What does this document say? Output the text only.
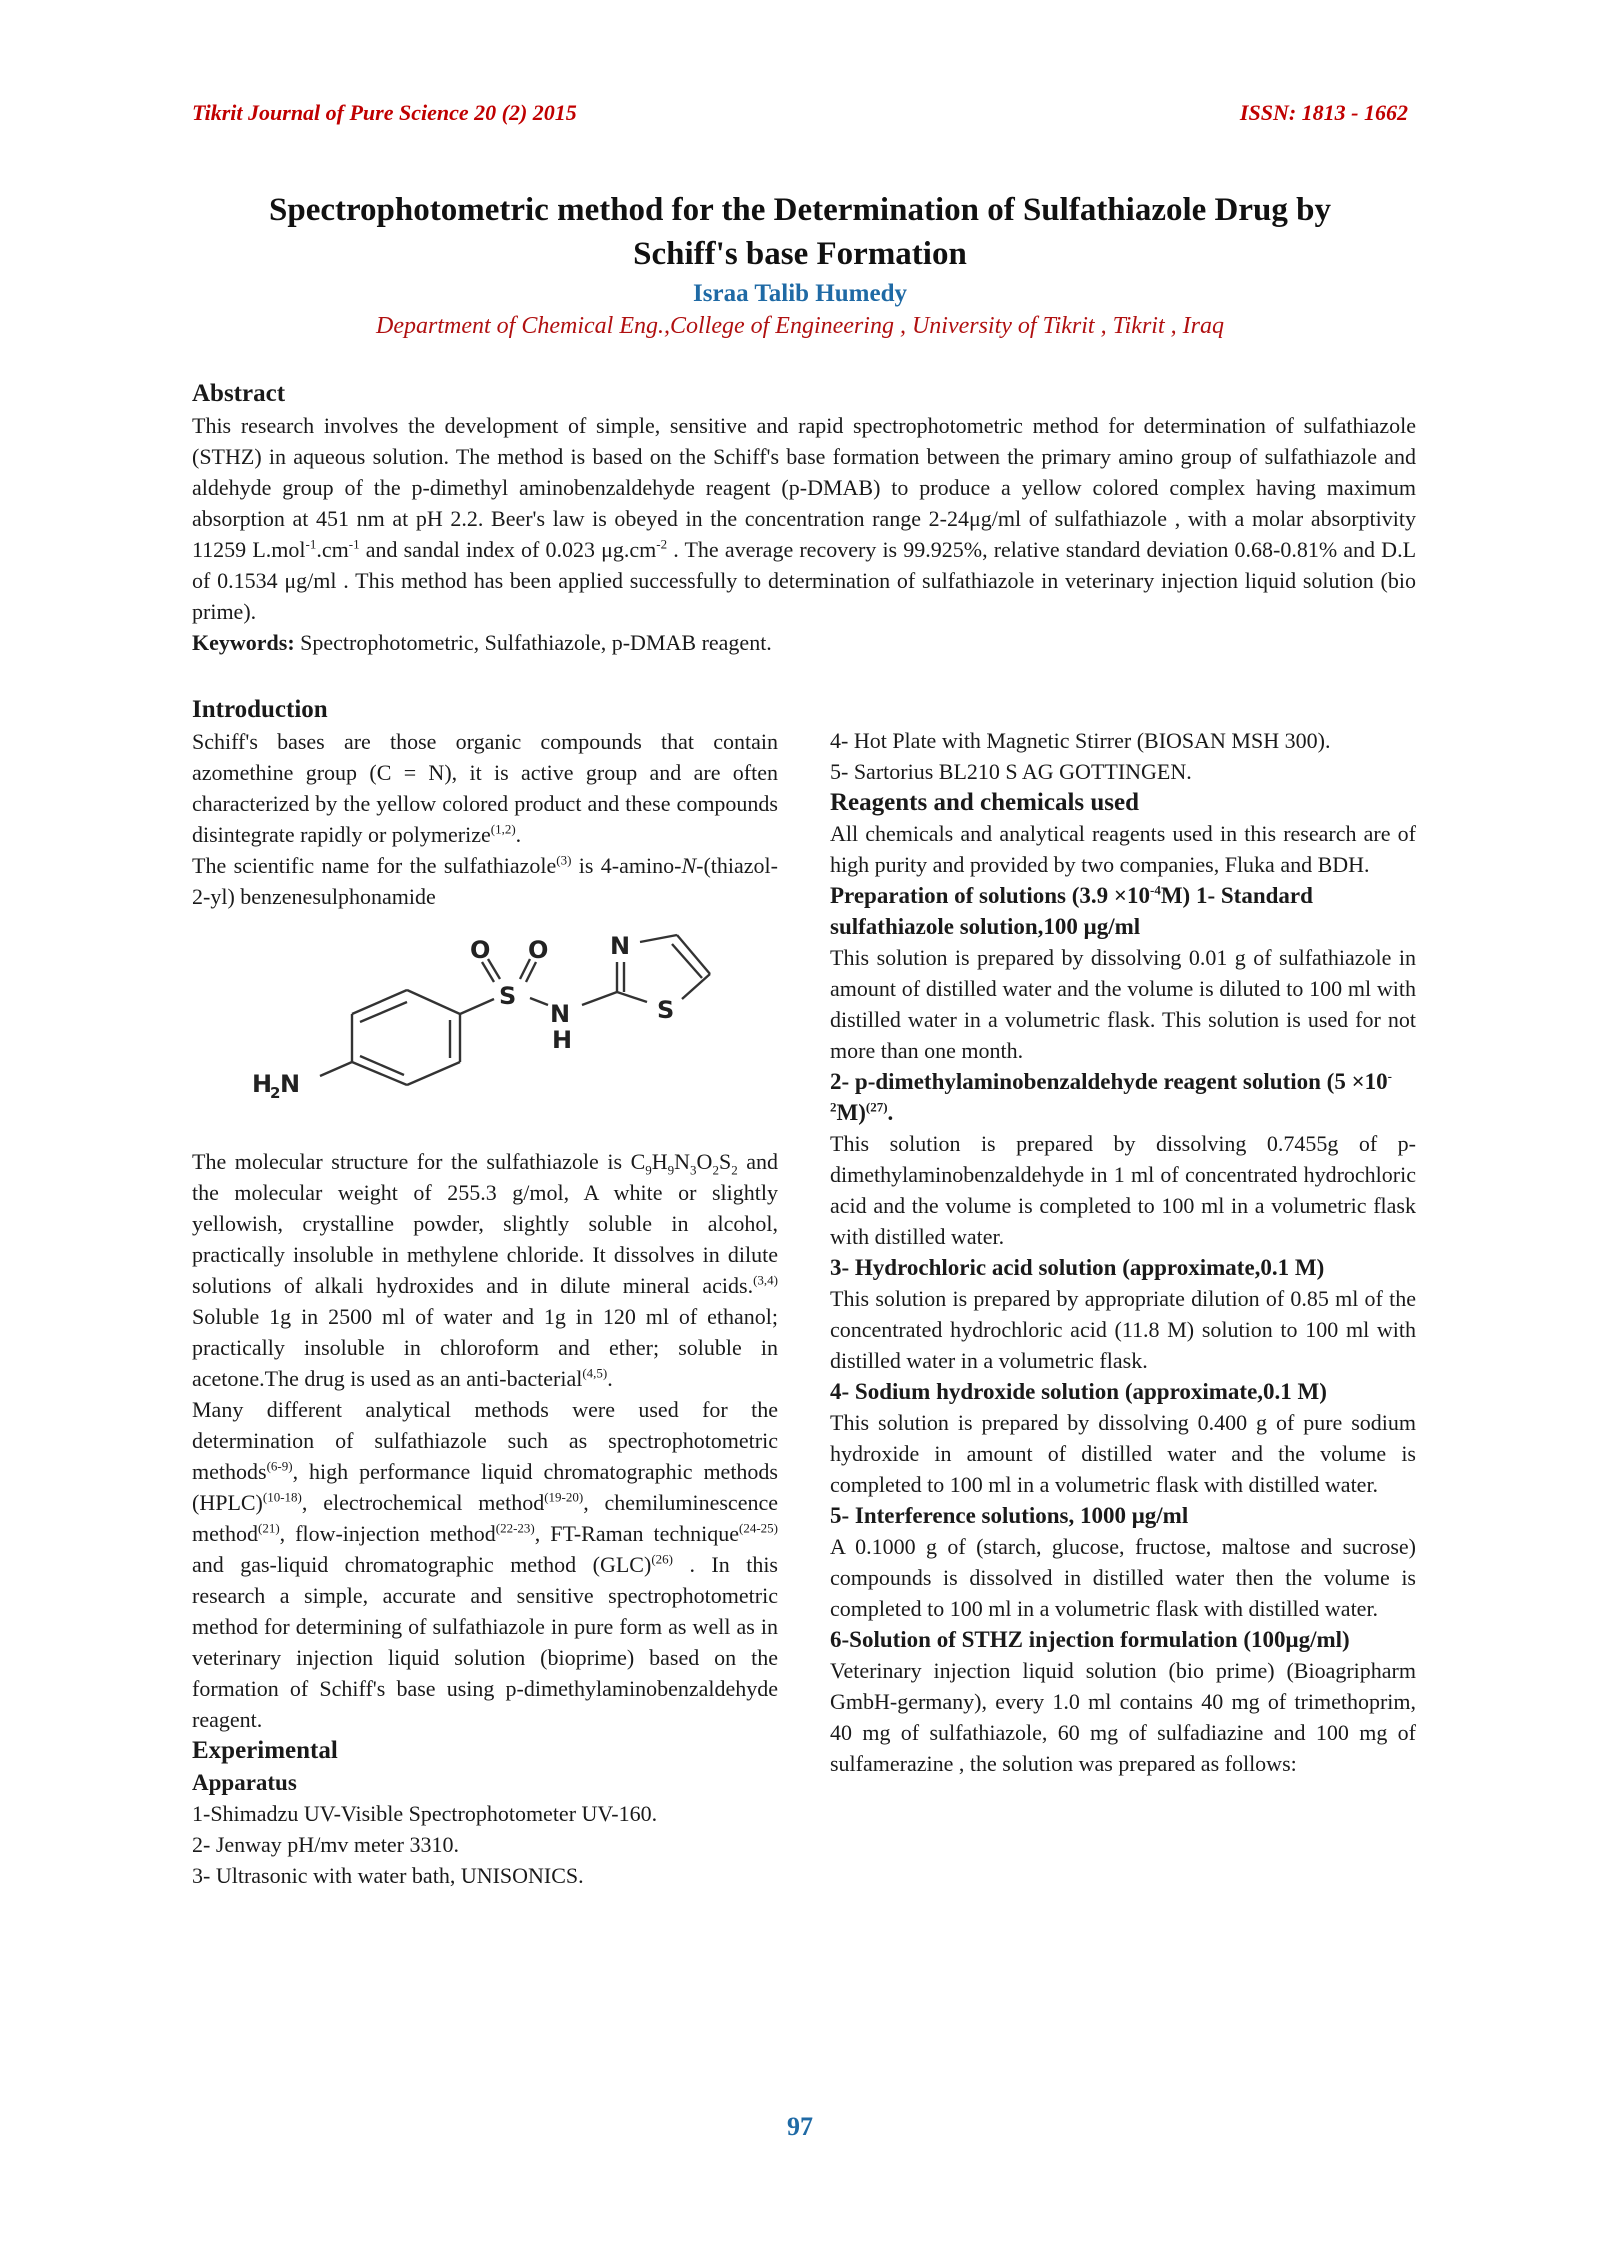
Tikrit Journal of Pure Science 20 (2) 2015	ISSN: 1813 - 1662
Spectrophotometric method for the Determination of Sulfathiazole Drug by
Schiff's base Formation
Israa Talib Humedy
Department of Chemical Eng.,College of Engineering , University of Tikrit , Tikrit , Iraq
Abstract

This research involves the development of simple, sensitive and rapid spectrophotometric method for determination of sulfathiazole (STHZ) in aqueous solution. The method is based on the Schiff's base formation between the primary amino group of sulfathiazole and aldehyde group of the p-dimethyl aminobenzaldehyde reagent (p-DMAB) to produce a yellow colored complex having maximum absorption at 451 nm at pH 2.2. Beer's law is obeyed in the concentration range 2-24μg/ml of sulfathiazole , with a molar absorptivity 11259 $L.mol^{-1}.cm^{-1}$ and sandal index of 0.023 $\mu g.cm^{-2}$ . The average recovery is 99.925%, relative standard deviation 0.68-0.81% and D.L of 0.1534 μg/ml . This method has been applied successfully to determination of sulfathiazole in veterinary injection liquid solution (bio prime).

Keywords: Spectrophotometric, Sulfathiazole, p-DMAB reagent.

Introduction

Schiff's bases are those organic compounds that contain azomethine group (C = N), it is active group and are often characterized by the yellow colored product and these compounds disintegrate rapidly or polymerize$^{(1,2)}$.

The scientific name for the sulfathiazole$^{(3)}$ is 4-amino-N-(thiazol-2-yl) benzenesulphonamide

O O
S
N
H
N
S
H
2 N

The molecular structure for the sulfathiazole is $C_9H_9N_3O_2S_2$ and the molecular weight of 255.3 g/mol, A white or slightly yellowish, crystalline powder, slightly soluble in alcohol, practically insoluble in methylene chloride. It dissolves in dilute solutions of alkali hydroxides and in dilute mineral acids.$^{(3,4)}$ Soluble 1g in 2500 ml of water and 1g in 120 ml of ethanol; practically insoluble in chloroform and ether; soluble in acetone.The drug is used as an anti-bacterial$^{(4,5)}$.

Many different analytical methods were used for the determination of sulfathiazole such as spectrophotometric methods$^{(6-9)}$, high performance liquid chromatographic methods (HPLC)$^{(10-18)}$, electrochemical method$^{(19-20)}$, chemiluminescence method$^{(21)}$, flow-injection method$^{(22-23)}$, FT-Raman technique$^{(24-25)}$ and gas-liquid chromatographic method (GLC)$^{(26)}$ . In this research a simple, accurate and sensitive spectrophotometric method for determining of sulfathiazole in pure form as well as in veterinary injection liquid solution (bioprime) based on the formation of Schiff's base using p-dimethylaminobenzaldehyde reagent.

Experimental
Apparatus

1-Shimadzu UV-Visible Spectrophotometer UV-160.

2- Jenway pH/mv meter 3310.

3- Ultrasonic with water bath, UNISONICS.

4- Hot Plate with Magnetic Stirrer (BIOSAN MSH 300).

5- Sartorius BL210 S AG GOTTINGEN.

Reagents and chemicals used

All chemicals and analytical reagents used in this research are of high purity and provided by two companies, Fluka and BDH.

Preparation of solutions $(3.9 \times 10^{-4}M)$ 1- Standard sulfathiazole solution,100 μg/ml

This solution is prepared by dissolving 0.01 g of sulfathiazole in amount of distilled water and the volume is diluted to 100 ml with distilled water in a volumetric flask. This solution is used for not more than one month.

2- p-dimethylaminobenzaldehyde reagent solution $(5 \times 10^{-2}M)^{(27)}$.

This solution is prepared by dissolving 0.7455g of p-dimethylaminobenzaldehyde in 1 ml of concentrated hydrochloric acid and the volume is completed to 100 ml in a volumetric flask with distilled water.

3- Hydrochloric acid solution (approximate,0.1 M)

This solution is prepared by appropriate dilution of 0.85 ml of the concentrated hydrochloric acid (11.8 M) solution to 100 ml with distilled water in a volumetric flask.

4- Sodium hydroxide solution (approximate,0.1 M)

This solution is prepared by dissolving 0.400 g of pure sodium hydroxide in amount of distilled water and the volume is completed to 100 ml in a volumetric flask with distilled water.

5- Interference solutions, 1000 μg/ml

A 0.1000 g of (starch, glucose, fructose, maltose and sucrose) compounds is dissolved in distilled water then the volume is completed to 100 ml in a volumetric flask with distilled water.

6-Solution of STHZ injection formulation (100μg/ml)

Veterinary injection liquid solution (bio prime) (Bioagripharm GmbH-germany), every 1.0 ml contains 40 mg of trimethoprim, 40 mg of sulfathiazole, 60 mg of sulfadiazine and 100 mg of sulfamerazine , the solution was prepared as follows:

97
